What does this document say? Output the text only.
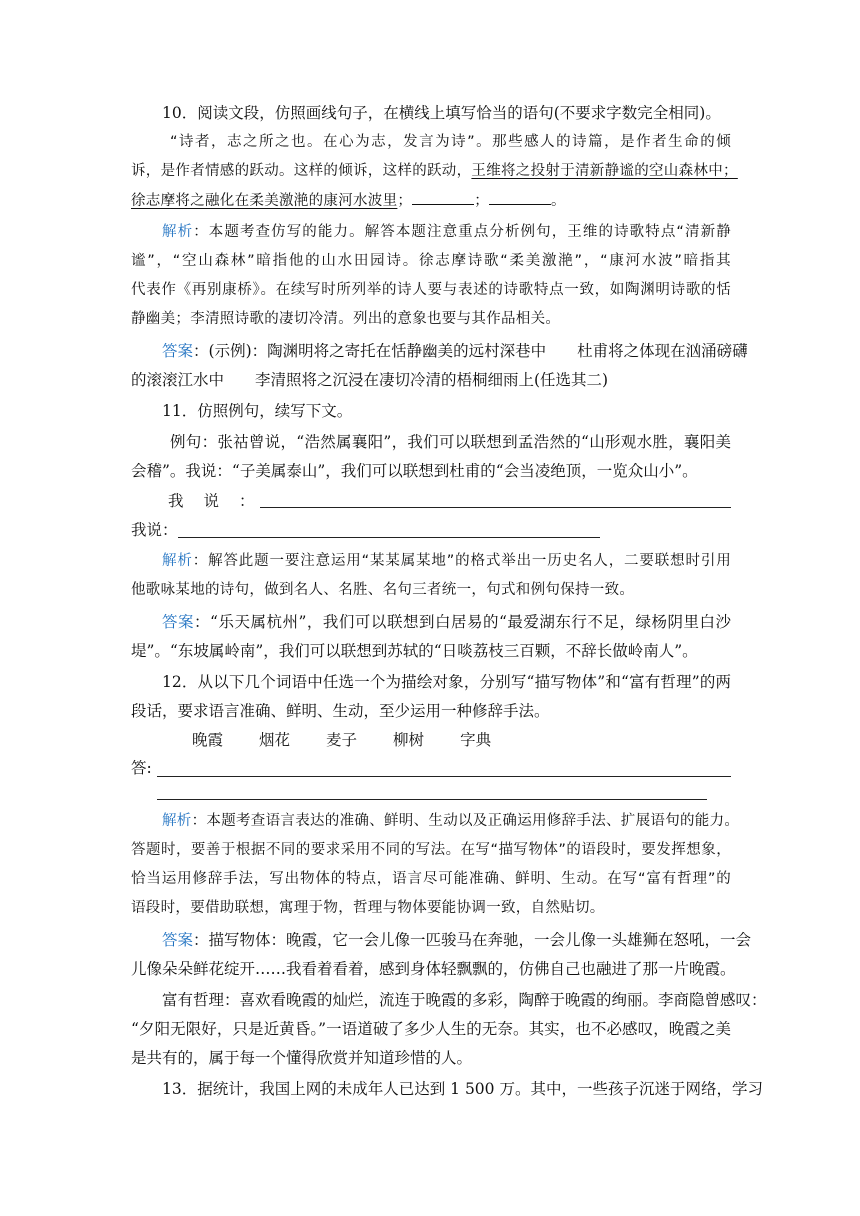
10．阅读文段，仿照画线句子，在横线上填写恰当的语句(不要求字数完全相同)。
“诗者，志之所之也。在心为志，发言为诗”。那些感人的诗篇，是作者生命的倾
诉，是作者情感的跃动。这样的倾诉，这样的跃动，王维将之投射于清新静谧的空山森林中；
徐志摩将之融化在柔美激滟的康河水波里；	；	。
解析：本题考查仿写的能力。解答本题注意重点分析例句，王维的诗歌特点“清新静
谧”，“空山森林”暗指他的山水田园诗。徐志摩诗歌“柔美激滟”，“康河水波”暗指其
代表作《再别康桥》。在续写时所列举的诗人要与表述的诗歌特点一致，如陶渊明诗歌的恬
静幽美；李清照诗歌的凄切冷清。列出的意象也要与其作品相关。
答案：(示例)：陶渊明将之寄托在恬静幽美的远村深巷中　　杜甫将之体现在汹涌磅礴
的滚滚江水中　　李清照将之沉浸在凄切冷清的梧桐细雨上(任选其二)
11．仿照例句，续写下文。
例句：张祜曾说，“浩然属襄阳”，我们可以联想到孟浩然的“山形观水胜，襄阳美
会稽”。我说：“子美属泰山”，我们可以联想到杜甫的“会当凌绝顶，一览众山小”。
我 说 ：
我说：
解析：解答此题一要注意运用“某某属某地”的格式举出一历史名人，二要联想时引用
他歌咏某地的诗句，做到名人、名胜、名句三者统一，句式和例句保持一致。
答案：“乐天属杭州”，我们可以联想到白居易的“最爱湖东行不足，绿杨阴里白沙
堤”。“东坡属岭南”，我们可以联想到苏轼的“日啖荔枝三百颗，不辞长做岭南人”。
12．从以下几个词语中任选一个为描绘对象，分别写“描写物体”和“富有哲理”的两
段话，要求语言准确、鲜明、生动，至少运用一种修辞手法。
晚霞 烟花 麦子 柳树 字典
答:
解析：本题考查语言表达的准确、鲜明、生动以及正确运用修辞手法、扩展语句的能力。
答题时，要善于根据不同的要求采用不同的写法。在写“描写物体”的语段时，要发挥想象，
恰当运用修辞手法，写出物体的特点，语言尽可能准确、鲜明、生动。在写“富有哲理”的
语段时，要借助联想，寓理于物，哲理与物体要能协调一致，自然贴切。
答案：描写物体：晚霞，它一会儿像一匹骏马在奔驰，一会儿像一头雄狮在怒吼，一会
儿像朵朵鲜花绽开……我看着看着，感到身体轻飘飘的，仿佛自己也融进了那一片晚霞。
富有哲理：喜欢看晚霞的灿烂，流连于晚霞的多彩，陶醉于晚霞的绚丽。李商隐曾感叹：
“夕阳无限好，只是近黄昏。”一语道破了多少人生的无奈。其实，也不必感叹，晚霞之美
是共有的，属于每一个懂得欣赏并知道珍惜的人。
13．据统计，我国上网的未成年人已达到 1 500 万。其中，一些孩子沉迷于网络，学习
